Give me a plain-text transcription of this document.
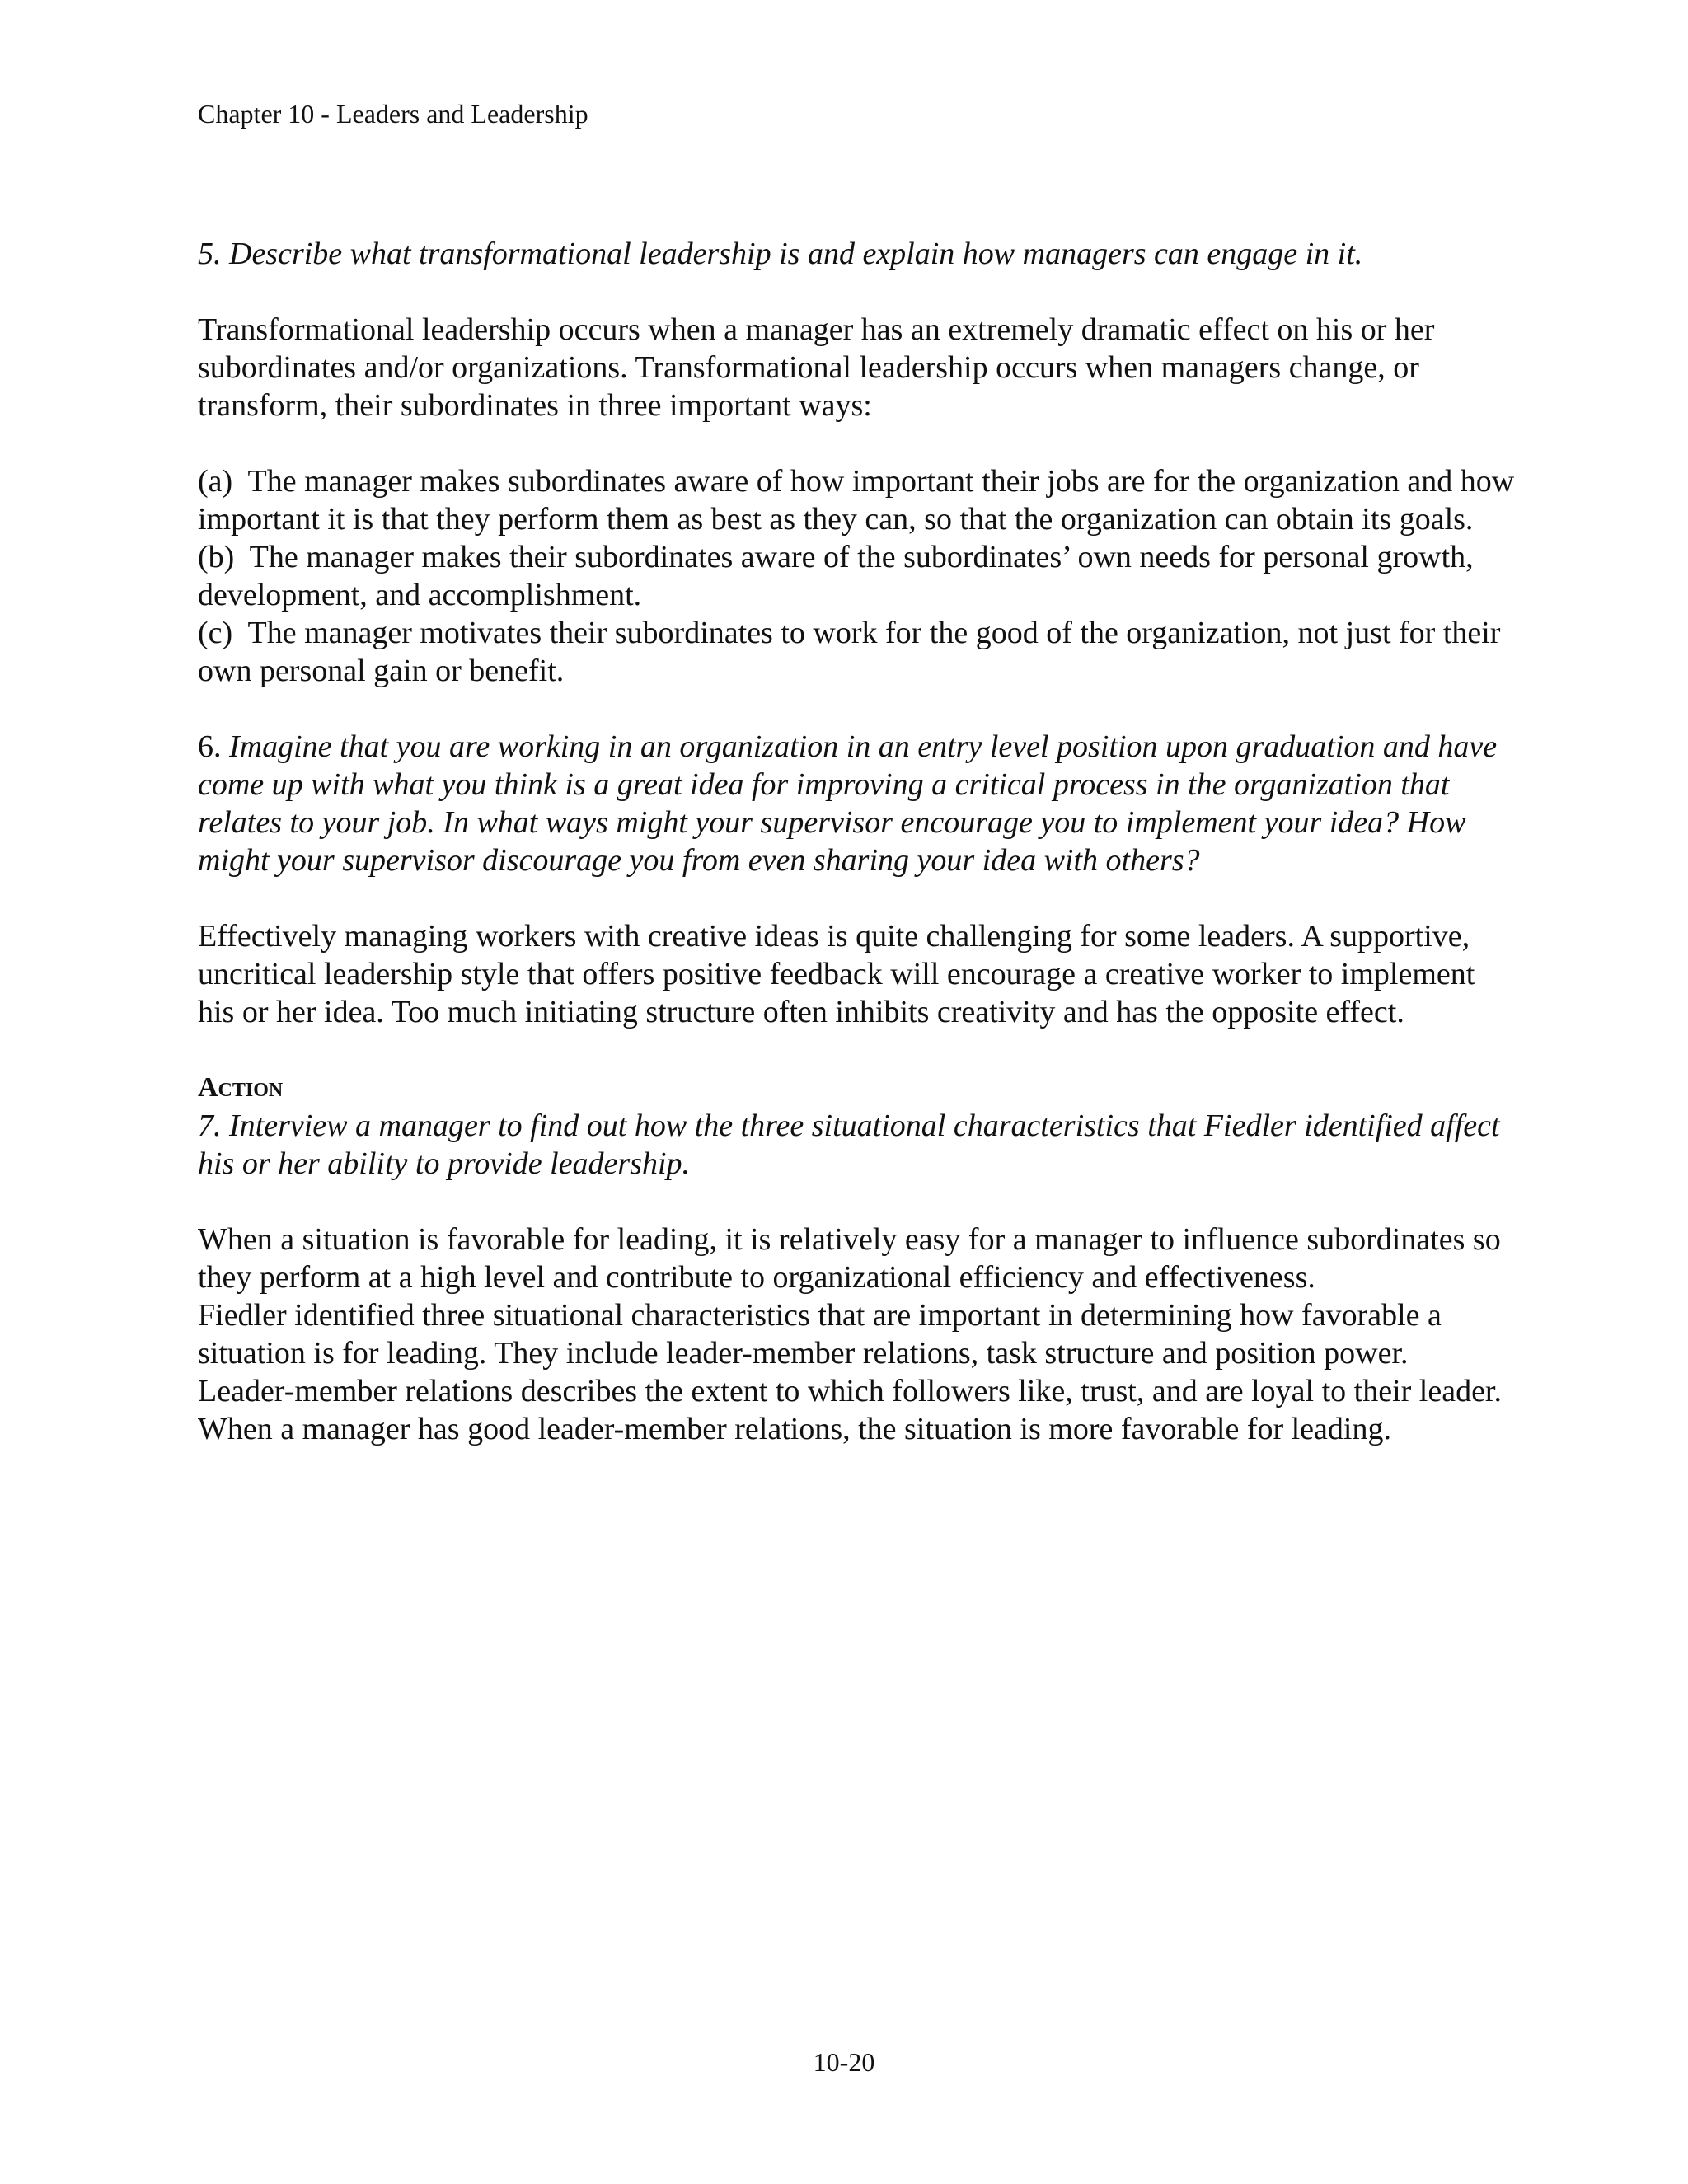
Chapter 10 - Leaders and Leadership

5. Describe what transformational leadership is and explain how managers can engage in it.

Transformational leadership occurs when a manager has an extremely dramatic effect on his or her subordinates and/or organizations. Transformational leadership occurs when managers change, or transform, their subordinates in three important ways:

(a)  The manager makes subordinates aware of how important their jobs are for the organization and how important it is that they perform them as best as they can, so that the organization can obtain its goals.

(b)  The manager makes their subordinates aware of the subordinates’ own needs for personal growth, development, and accomplishment.

(c)  The manager motivates their subordinates to work for the good of the organization, not just for their own personal gain or benefit.

6. Imagine that you are working in an organization in an entry level position upon graduation and have come up with what you think is a great idea for improving a critical process in the organization that relates to your job. In what ways might your supervisor encourage you to implement your idea? How might your supervisor discourage you from even sharing your idea with others?

Effectively managing workers with creative ideas is quite challenging for some leaders. A supportive, uncritical leadership style that offers positive feedback will encourage a creative worker to implement his or her idea. Too much initiating structure often inhibits creativity and has the opposite effect.

Action

7. Interview a manager to find out how the three situational characteristics that Fiedler identified affect his or her ability to provide leadership.

When a situation is favorable for leading, it is relatively easy for a manager to influence subordinates so they perform at a high level and contribute to organizational efficiency and effectiveness.

Fiedler identified three situational characteristics that are important in determining how favorable a situation is for leading. They include leader-member relations, task structure and position power.

Leader-member relations describes the extent to which followers like, trust, and are loyal to their leader. When a manager has good leader-member relations, the situation is more favorable for leading.

10-20
